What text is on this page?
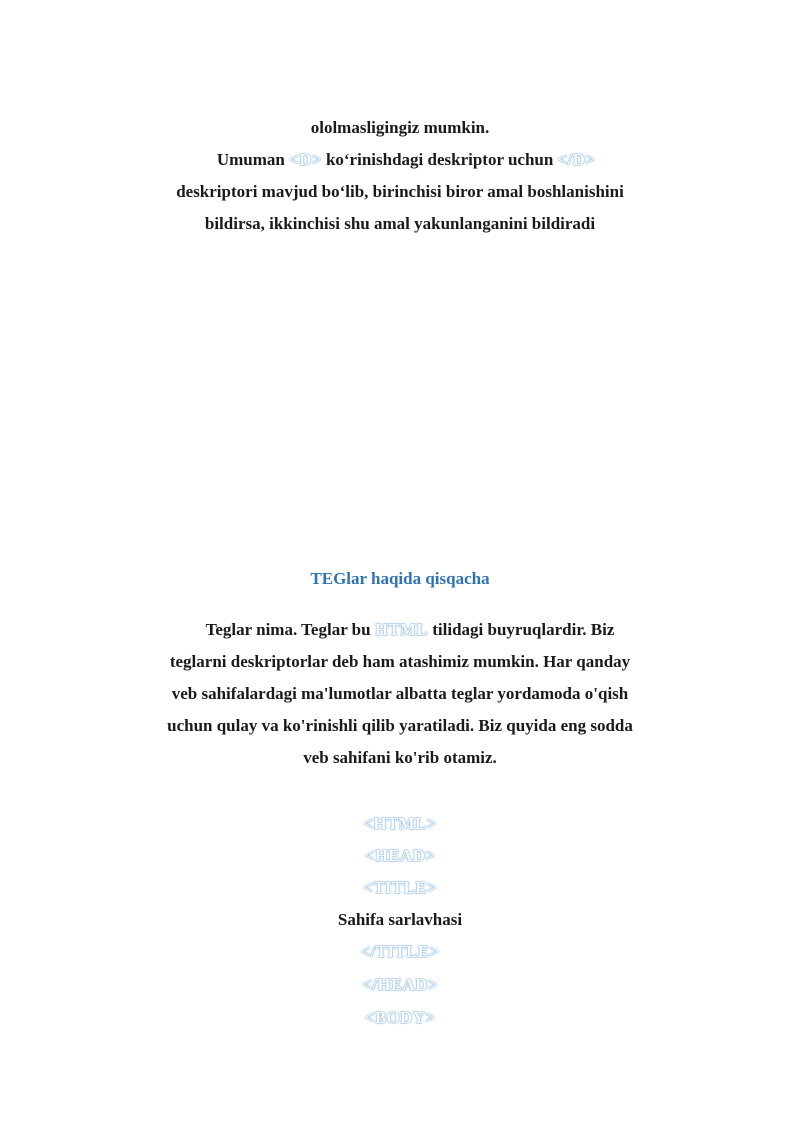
ololmasligingiz mumkin.
Umuman <D> ko‘rinishdagi deskriptor uchun </D>
deskriptori mavjud bo‘lib, birinchisi biror amal boshlanishini
bildirsa, ikkinchisi shu amal yakunlanganini bildiradi
TEGlar haqida qisqacha
Teglar nima. Teglar bu HTML tilidagi buyruqlardir. Biz
teglarni deskriptorlar deb ham atashimiz mumkin. Har qanday
veb sahifalardagi ma'lumotlar albatta teglar yordamoda o'qish
uchun qulay va ko'rinishli qilib yaratiladi. Biz quyida eng sodda
veb sahifani ko'rib otamiz.
<HTML>
<HEAD>
<TITLE>
Sahifa sarlavhasi
</TITLE>
</HEAD>
<BODY>
